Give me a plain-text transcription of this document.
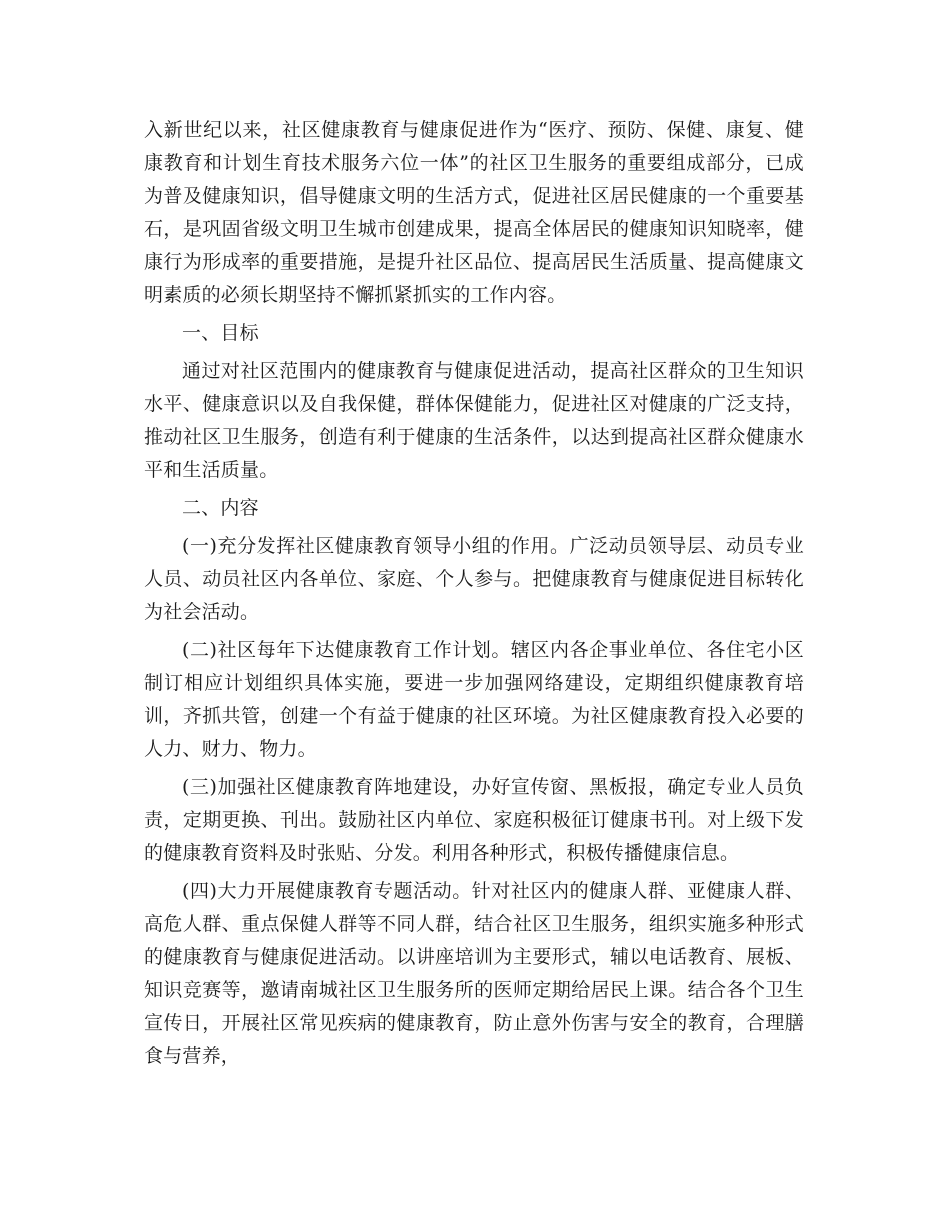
入新世纪以来，社区健康教育与健康促进作为“医疗、预防、保健、康复、健康教育和计划生育技术服务六位一体”的社区卫生服务的重要组成部分，已成为普及健康知识，倡导健康文明的生活方式，促进社区居民健康的一个重要基石，是巩固省级文明卫生城市创建成果，提高全体居民的健康知识知晓率，健康行为形成率的重要措施，是提升社区品位、提高居民生活质量、提高健康文明素质的必须长期坚持不懈抓紧抓实的工作内容。

一、目标

通过对社区范围内的健康教育与健康促进活动，提高社区群众的卫生知识水平、健康意识以及自我保健，群体保健能力，促进社区对健康的广泛支持，推动社区卫生服务，创造有利于健康的生活条件，以达到提高社区群众健康水平和生活质量。

二、内容

(一)充分发挥社区健康教育领导小组的作用。广泛动员领导层、动员专业人员、动员社区内各单位、家庭、个人参与。把健康教育与健康促进目标转化为社会活动。

(二)社区每年下达健康教育工作计划。辖区内各企事业单位、各住宅小区制订相应计划组织具体实施，要进一步加强网络建设，定期组织健康教育培训，齐抓共管，创建一个有益于健康的社区环境。为社区健康教育投入必要的人力、财力、物力。

(三)加强社区健康教育阵地建设，办好宣传窗、黑板报，确定专业人员负责，定期更换、刊出。鼓励社区内单位、家庭积极征订健康书刊。对上级下发的健康教育资料及时张贴、分发。利用各种形式，积极传播健康信息。

(四)大力开展健康教育专题活动。针对社区内的健康人群、亚健康人群、高危人群、重点保健人群等不同人群，结合社区卫生服务，组织实施多种形式的健康教育与健康促进活动。以讲座培训为主要形式，辅以电话教育、展板、知识竞赛等，邀请南城社区卫生服务所的医师定期给居民上课。结合各个卫生宣传日，开展社区常见疾病的健康教育，防止意外伤害与安全的教育，合理膳食与营养，
